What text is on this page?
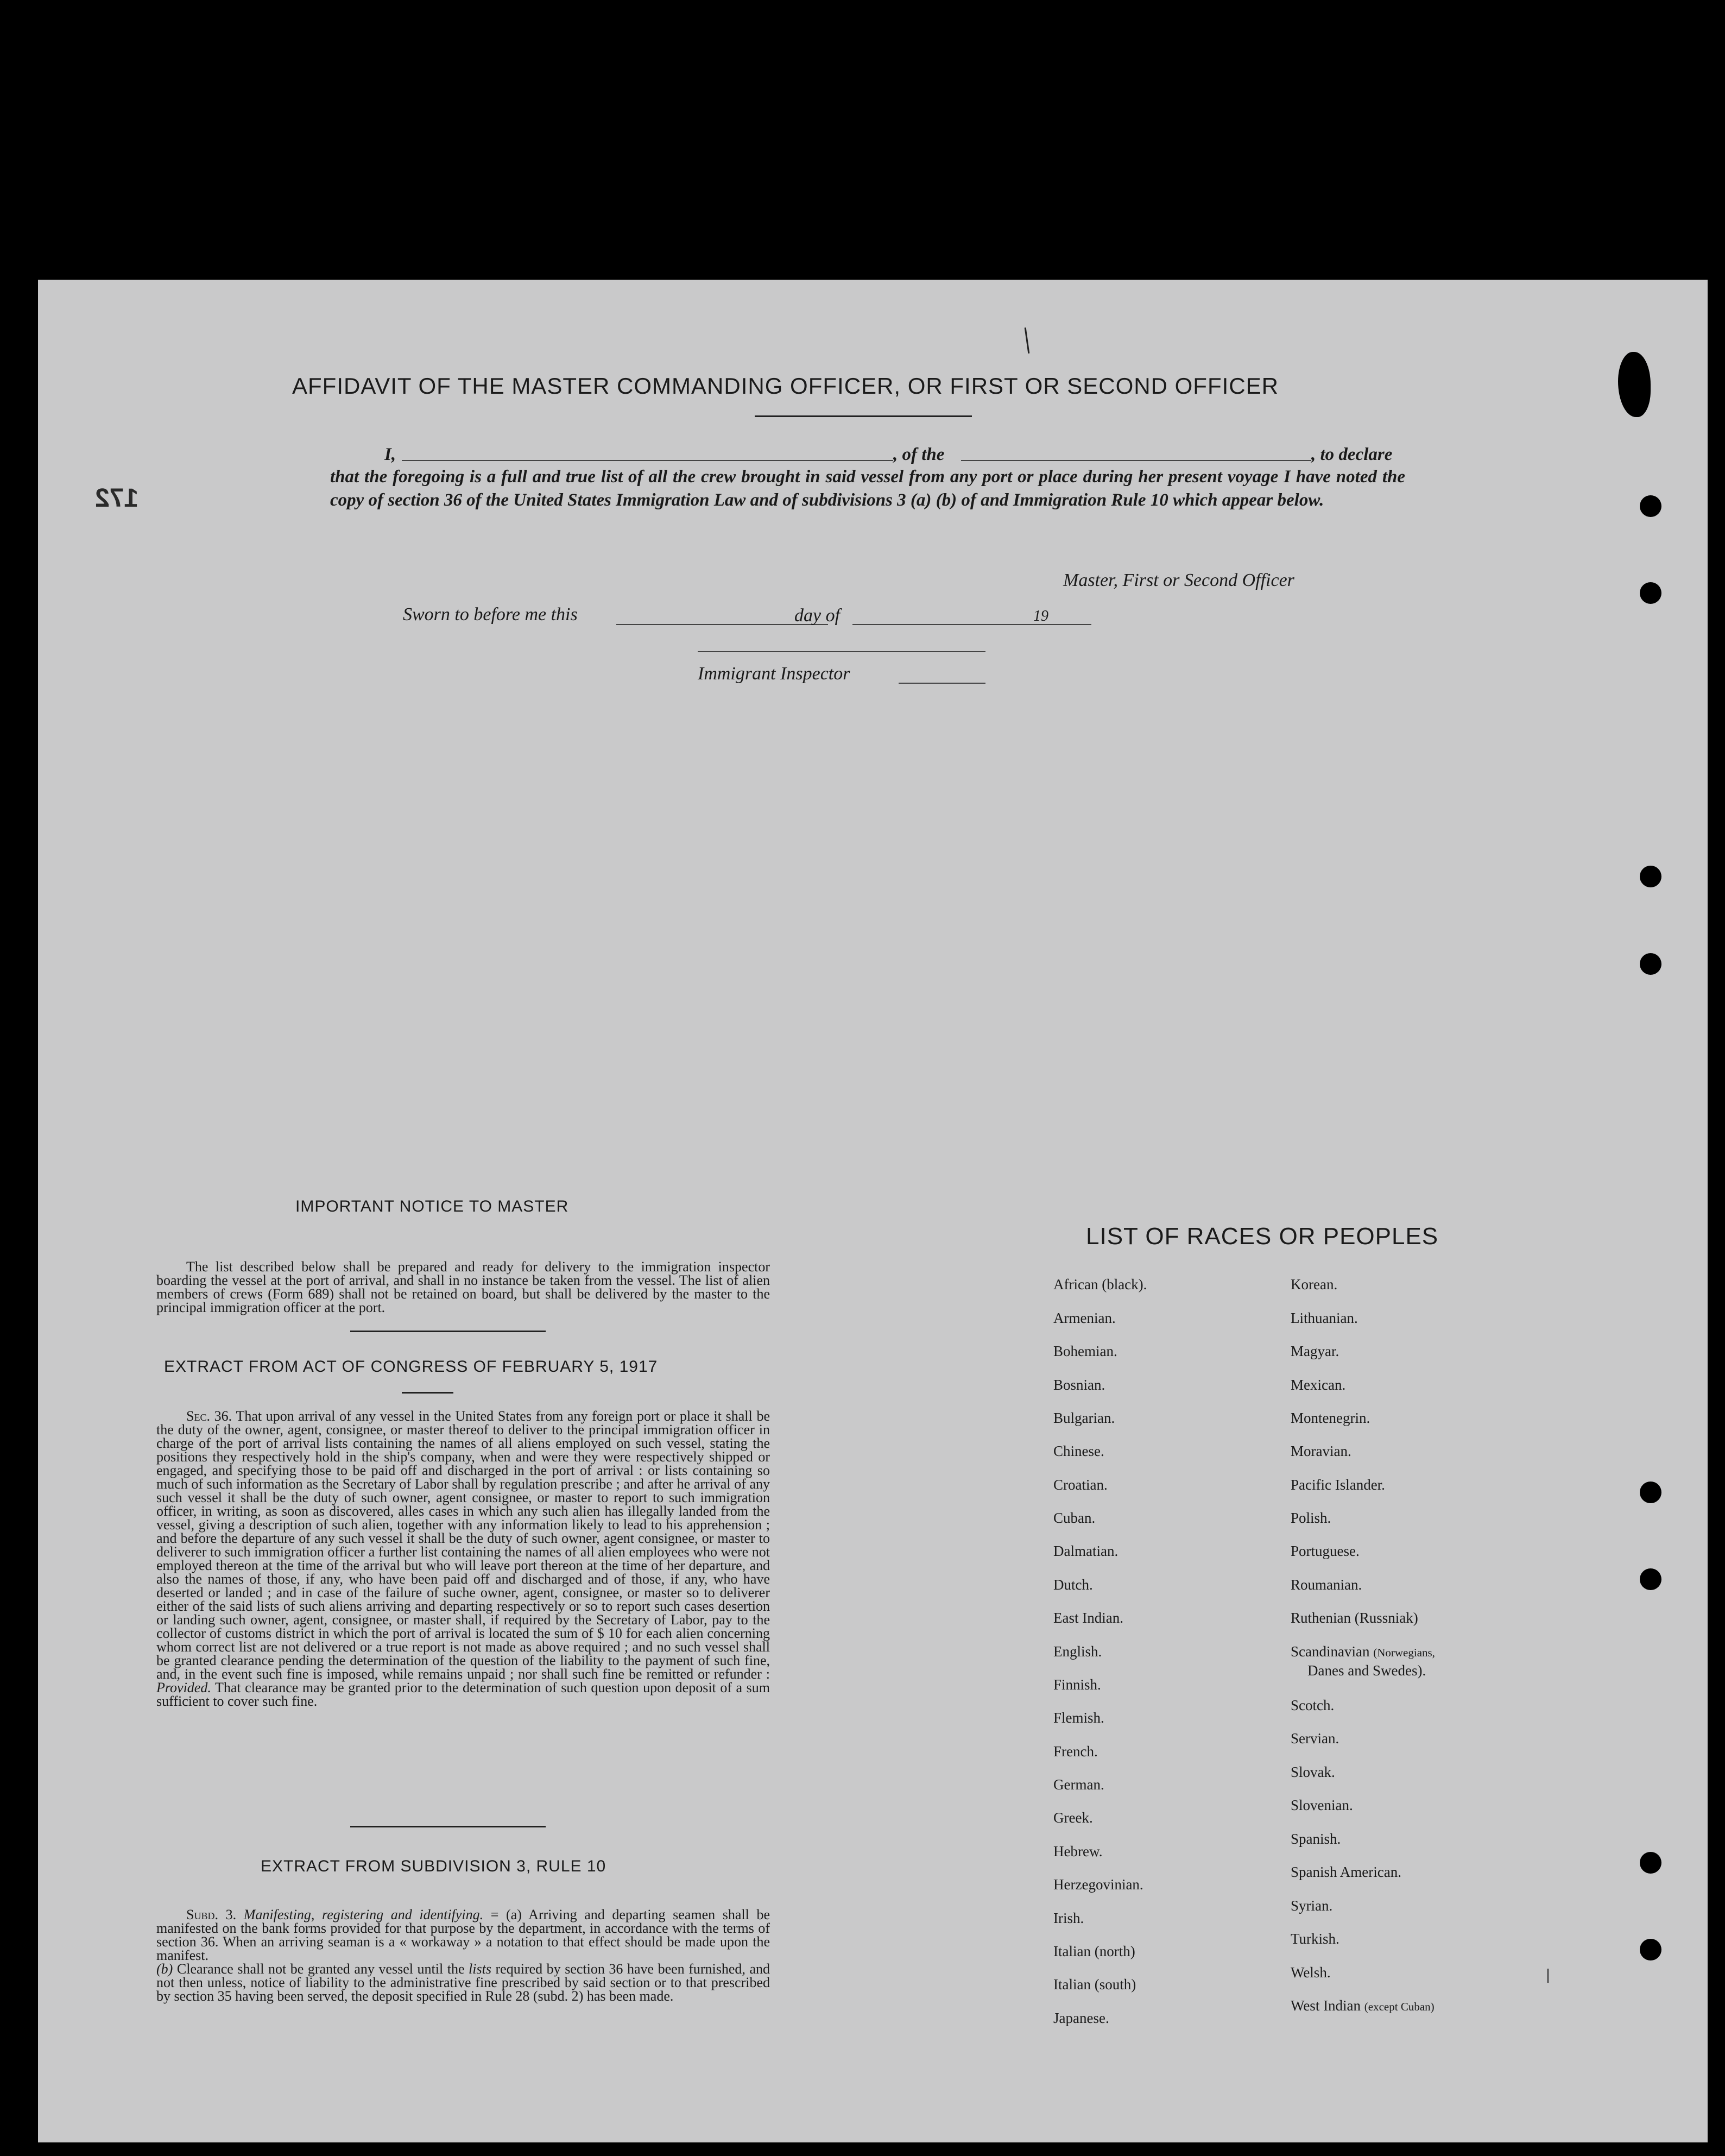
172
AFFIDAVIT OF THE MASTER COMMANDING OFFICER, OR FIRST OR SECOND OFFICER
I,	, of the	, to declare
that the foregoing is a full and true list of all the crew brought in said vessel from any port or place during her present voyage I have noted the copy of section 36 of the United States Immigration Law and of subdivisions 3 (a) (b) of and Immigration Rule 10 which appear below.
Master, First or Second Officer
Sworn to before me this	day of	19
Immigrant Inspector
IMPORTANT NOTICE TO MASTER
The list described below shall be prepared and ready for delivery to the immigration inspector boarding the vessel at the port of arrival, and shall in no instance be taken from the vessel. The list of alien members of crews (Form 689) shall not be retained on board, but shall be delivered by the master to the principal immigration officer at the port.
EXTRACT FROM ACT OF CONGRESS OF FEBRUARY 5, 1917
Sec. 36. That upon arrival of any vessel in the United States from any foreign port or place it shall be the duty of the owner, agent, consignee, or master thereof to deliver to the principal immigration officer in charge of the port of arrival lists containing the names of all aliens employed on such vessel, stating the positions they respectively hold in the ship's company, when and were they were respectively shipped or engaged, and specifying those to be paid off and discharged in the port of arrival : or lists containing so much of such information as the Secretary of Labor shall by regulation prescribe ; and after he arrival of any such vessel it shall be the duty of such owner, agent consignee, or master to report to such immigration officer, in writing, as soon as discovered, alles cases in which any such alien has illegally landed from the vessel, giving a description of such alien, together with any information likely to lead to his apprehension ; and before the departure of any such vessel it shall be the duty of such owner, agent consignee, or master to deliverer to such immigration officer a further list containing the names of all alien employees who were not employed thereon at the time of the arrival but who will leave port thereon at the time of her departure, and also the names of those, if any, who have been paid off and discharged and of those, if any, who have deserted or landed ; and in case of the failure of suche owner, agent, consignee, or master so to deliverer either of the said lists of such aliens arriving and departing respectively or so to report such cases desertion or landing such owner, agent, consignee, or master shall, if required by the Secretary of Labor, pay to the collector of customs district in which the port of arrival is located the sum of $ 10 for each alien concerning whom correct list are not delivered or a true report is not made as above required ; and no such vessel shall be granted clearance pending the determination of the question of the liability to the payment of such fine, and, in the event such fine is imposed, while remains unpaid ; nor shall such fine be remitted or refunder : Provided. That clearance may be granted prior to the determination of such question upon deposit of a sum sufficient to cover such fine.
EXTRACT FROM SUBDIVISION 3, RULE 10
Subd. 3. Manifesting, registering and identifying. = (a) Arriving and departing seamen shall be manifested on the bank forms provided for that purpose by the department, in accordance with the terms of section 36. When an arriving seaman is a « workaway » a notation to that effect should be made upon the manifest.
(b) Clearance shall not be granted any vessel until the lists required by section 36 have been furnished, and not then unless, notice of liability to the administrative fine prescribed by said section or to that prescribed by section 35 having been served, the deposit specified in Rule 28 (subd. 2) has been made.
LIST OF RACES OR PEOPLES
African (black).
Armenian.
Bohemian.
Bosnian.
Bulgarian.
Chinese.
Croatian.
Cuban.
Dalmatian.
Dutch.
East Indian.
English.
Finnish.
Flemish.
French.
German.
Greek.
Hebrew.
Herzegovinian.
Irish.
Italian (north)
Italian (south)
Japanese.
Korean.
Lithuanian.
Magyar.
Mexican.
Montenegrin.
Moravian.
Pacific Islander.
Polish.
Portuguese.
Roumanian.
Ruthenian (Russniak)
Scandinavian (Norwegians,
Danes and Swedes).
Scotch.
Servian.
Slovak.
Slovenian.
Spanish.
Spanish American.
Syrian.
Turkish.
Welsh.
West Indian (except Cuban)
